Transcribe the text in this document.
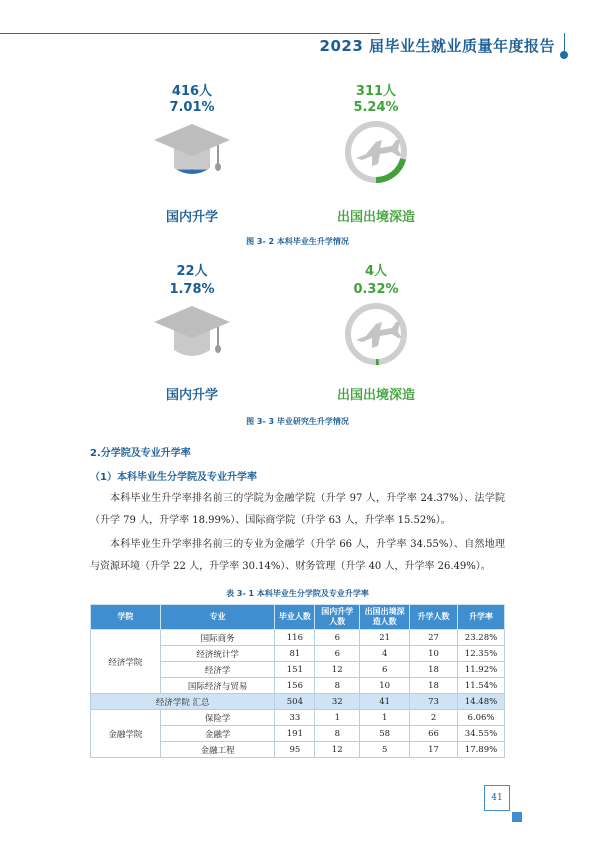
2023 届毕业生就业质量年度报告
416人
7.01%
国内升学
311人
5.24%
出国出境深造
图 3- 2 本科毕业生升学情况
22人
1.78%
国内升学
4人
0.32%
出国出境深造
图 3- 3 毕业研究生升学情况
2.分学院及专业升学率
（1）本科毕业生分学院及专业升学率
本科毕业生升学率排名前三的学院为金融学院（升学 97 人，升学率 24.37%）、法学院（升学 79 人，升学率 18.99%）、国际商学院（升学 63 人，升学率 15.52%）。
本科毕业生升学率排名前三的专业为金融学（升学 66 人，升学率 34.55%）、自然地理与资源环境（升学 22 人，升学率 30.14%）、财务管理（升学 40 人，升学率 26.49%）。
表 3- 1 本科毕业生分学院及专业升学率
学院	专业	毕业人数	国内升学人数	出国出境深造人数	升学人数	升学率
经济学院	国际商务	116	6	21	27	23.28%
	经济统计学	81	6	4	10	12.35%
	经济学	151	12	6	18	11.92%
	国际经济与贸易	156	8	10	18	11.54%
经济学院 汇总		504	32	41	73	14.48%
金融学院	保险学	33	1	1	2	6.06%
	金融学	191	8	58	66	34.55%
	金融工程	95	12	5	17	17.89%
41
